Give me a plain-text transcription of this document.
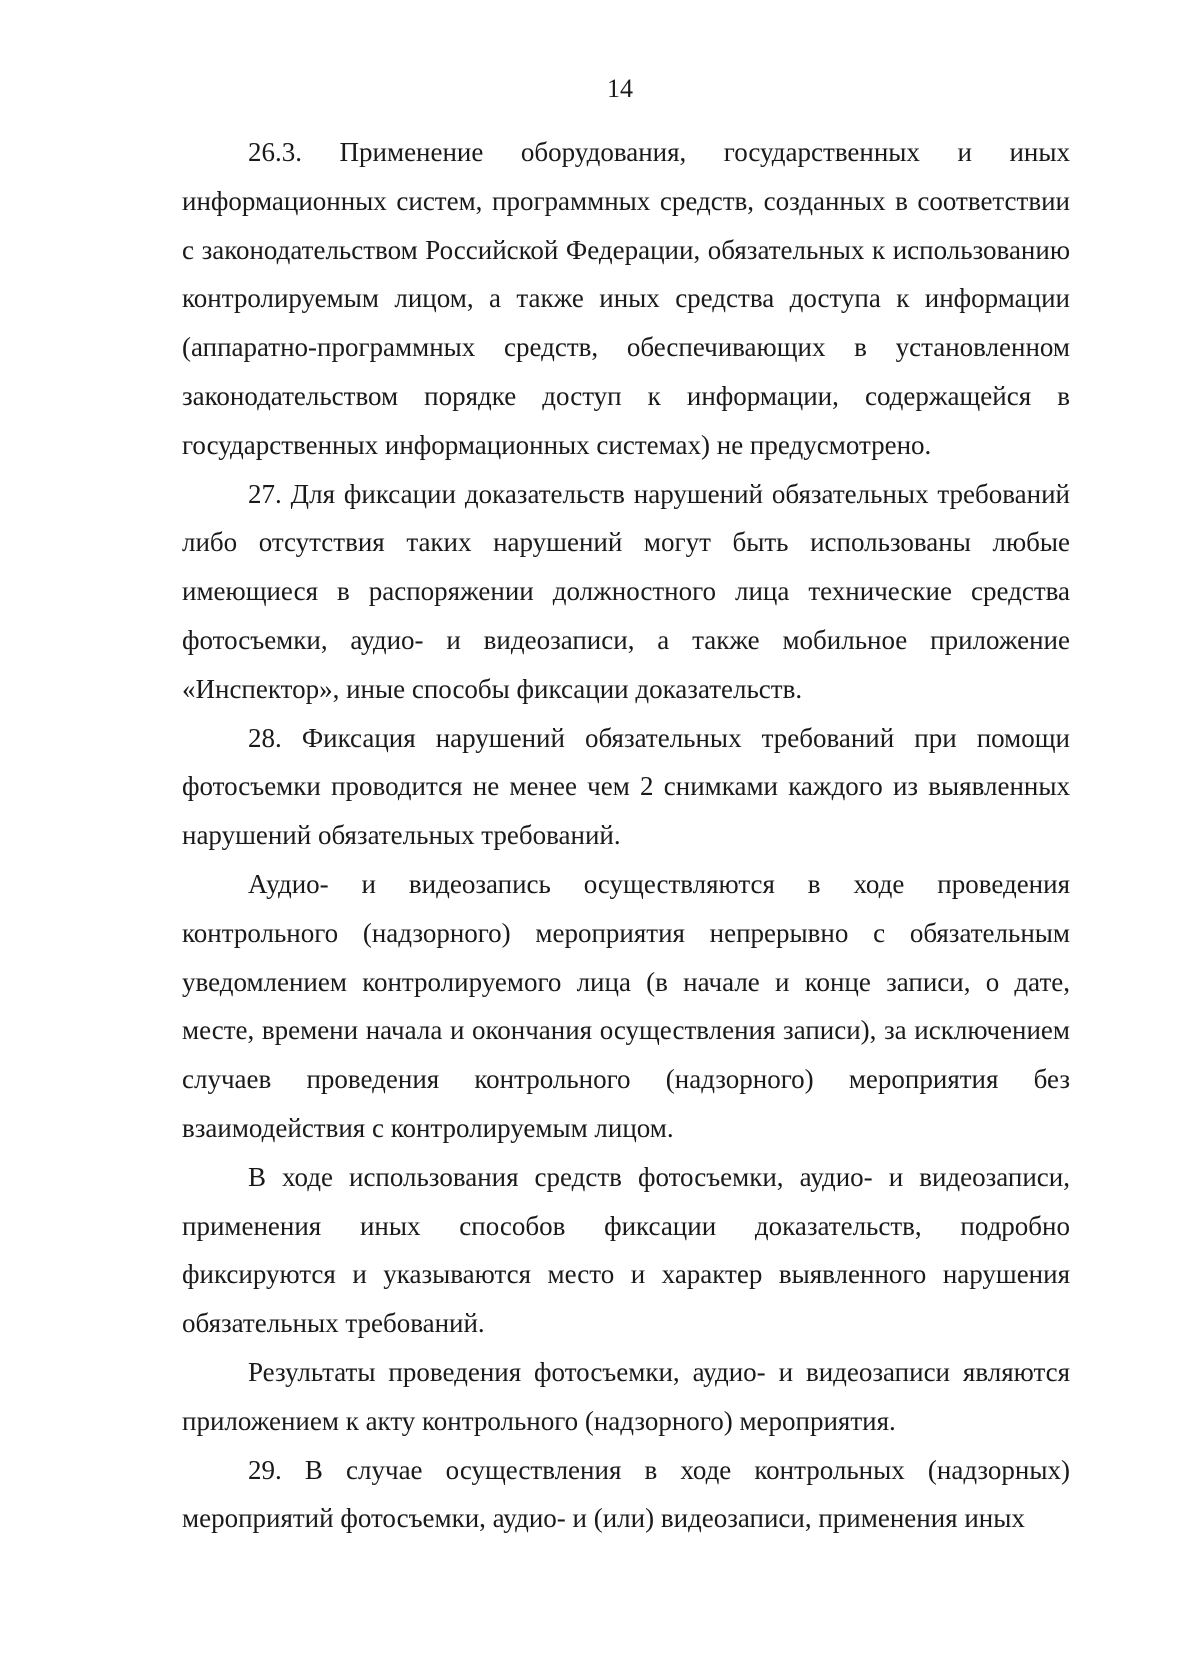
14

26.3. Применение оборудования, государственных и иных информационных систем, программных средств, созданных в соответствии с законодательством Российской Федерации, обязательных к использованию контролируемым лицом, а также иных средства доступа к информации (аппаратно-программных средств, обеспечивающих в установленном законодательством порядке доступ к информации, содержащейся в государственных информационных системах) не предусмотрено.

27. Для фиксации доказательств нарушений обязательных требований либо отсутствия таких нарушений могут быть использованы любые имеющиеся в распоряжении должностного лица технические средства фотосъемки, аудио- и видеозаписи, а также мобильное приложение «Инспектор», иные способы фиксации доказательств.

28. Фиксация нарушений обязательных требований при помощи фотосъемки проводится не менее чем 2 снимками каждого из выявленных нарушений обязательных требований.

Аудио- и видеозапись осуществляются в ходе проведения контрольного (надзорного) мероприятия непрерывно с обязательным уведомлением контролируемого лица (в начале и конце записи, о дате, месте, времени начала и окончания осуществления записи), за исключением случаев проведения контрольного (надзорного) мероприятия без взаимодействия с контролируемым лицом.

В ходе использования средств фотосъемки, аудио- и видеозаписи, применения иных способов фиксации доказательств, подробно фиксируются и указываются место и характер выявленного нарушения обязательных требований.

Результаты проведения фотосъемки, аудио- и видеозаписи являются приложением к акту контрольного (надзорного) мероприятия.

29. В случае осуществления в ходе контрольных (надзорных) мероприятий фотосъемки, аудио- и (или) видеозаписи, применения иных
